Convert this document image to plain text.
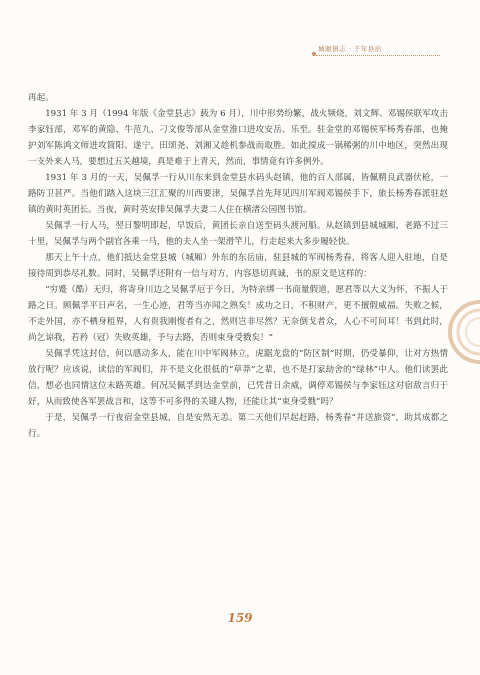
城厢镇志 · 千年县治

再起。

1931 年 3 月（1994 年版《金堂县志》载为 6 月），川中形势纷繁，战火频烧，刘文辉、邓锡侯联军攻击李家钰部，邓军的黄隐、牛范九、刁文俊等部从金堂淮口进攻安岳、乐至。驻金堂的邓锡侯军杨秀春部，也掩护刘军陈鸿文师进攻简阳、遂宁。田颂尧、刘湘又趁机参战而取胜。如此搅成一锅稀粥的川中地区，突然出现一支外来人马，要想过五关越境，真是难于上青天，然而，事情竟有许多例外。

1931 年 3 月的一天，吴佩孚一行从川东来到金堂县水码头赵镇，他的百人部属，皆佩精良武器伏枪，一路防卫甚严。当他们踏入这块三江汇聚的川西要津，吴佩孚首先拜见四川军阀邓锡侯手下，旅长杨秀春派驻赵镇的黄时英团长。当夜，黄时英安排吴佩孚夫妻二人住在横渚公园图书馆。

吴佩孚一行人马，翌日黎明即起，早饭后，黄团长亲自送至码头渡河船。从赵镇到县城城厢，老路不过三十里，吴佩孚与两个副官各乘一马，他的夫人坐一架滑竿儿，行走起来大多步履轻快。

那天上午十点，他们抵达金堂县城（城厢）外东的东岳庙，驻县城的军阀杨秀春，将客人迎入驻地，自是接待周到恭尽礼数。同时，吴佩孚还附有一信与对方，内容恳切真诚，书的原文是这样的：

“穷蹙（酷）无归，将寄身川边之吴佩孚厄于今日，为特亲绑一书商量假道，愿君等以大义为怀，不振人于路之日。顾佩孚平日声名，一生心迹，君等当亦闻之熟矣！成功之日，不积财产，更不擅假威福。失败之候，不走外国，亦不栖身租界，人有贵我刚愎者有之，然则岂非尽然？无奈倒戈者众，人心不可问耳！书到此时，尚乞谅我，若矜（冠）失败英雄，予与去路，否则束身受戮矣！”

吴佩孚凭这封信，何以感动多人，能在川中军阀林立，虎踞龙盘的“防区制”时期，仍受暴仰，让对方热情放行呢？应该说，读信的军阀们，并不是文化很低的“草莽”之辈，也不是打家劫舍的“绿林”中人。他们读罢此信，想必也同情这位末路英雄。何况吴佩孚到达金堂前，已凭昔日余威，调停邓锡侯与李家钰这对宿敌言归于好，从而致使各军罢战言和，这等不可多得的关键人物，还能让其“束身受戮”吗？

于是，吴佩孚一行夜宿金堂县城，自是安然无恙。第二天他们早起赶路，杨秀春“并送旅资”，助其成都之行。

159
